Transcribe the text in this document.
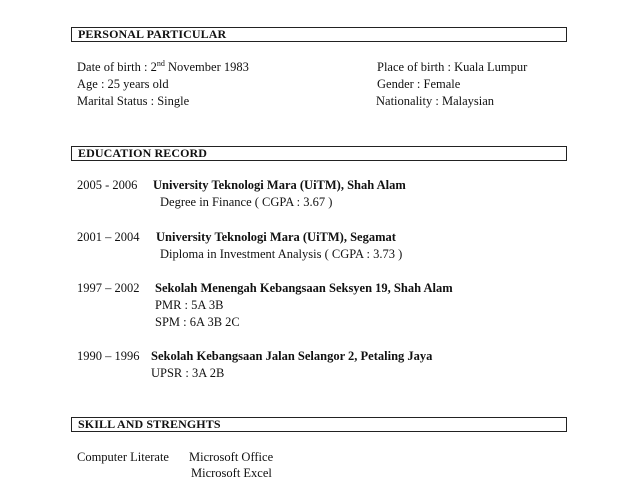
PERSONAL PARTICULAR
Date of birth : 2nd November 1983
Age : 25 years old
Marital Status : Single
Place of birth : Kuala Lumpur
Gender : Female
Nationality : Malaysian
EDUCATION RECORD
2005 - 2006 University Teknologi Mara (UiTM), Shah Alam
Degree in Finance ( CGPA : 3.67 )
2001 – 2004 University Teknologi Mara (UiTM), Segamat
Diploma in Investment Analysis ( CGPA : 3.73 )
1997 – 2002 Sekolah Menengah Kebangsaan Seksyen 19, Shah Alam
PMR : 5A 3B
SPM : 6A 3B 2C
1990 – 1996 Sekolah Kebangsaan Jalan Selangor 2, Petaling Jaya
UPSR : 3A 2B
SKILL AND STRENGHTS
Computer Literate Microsoft Office
Microsoft Excel
